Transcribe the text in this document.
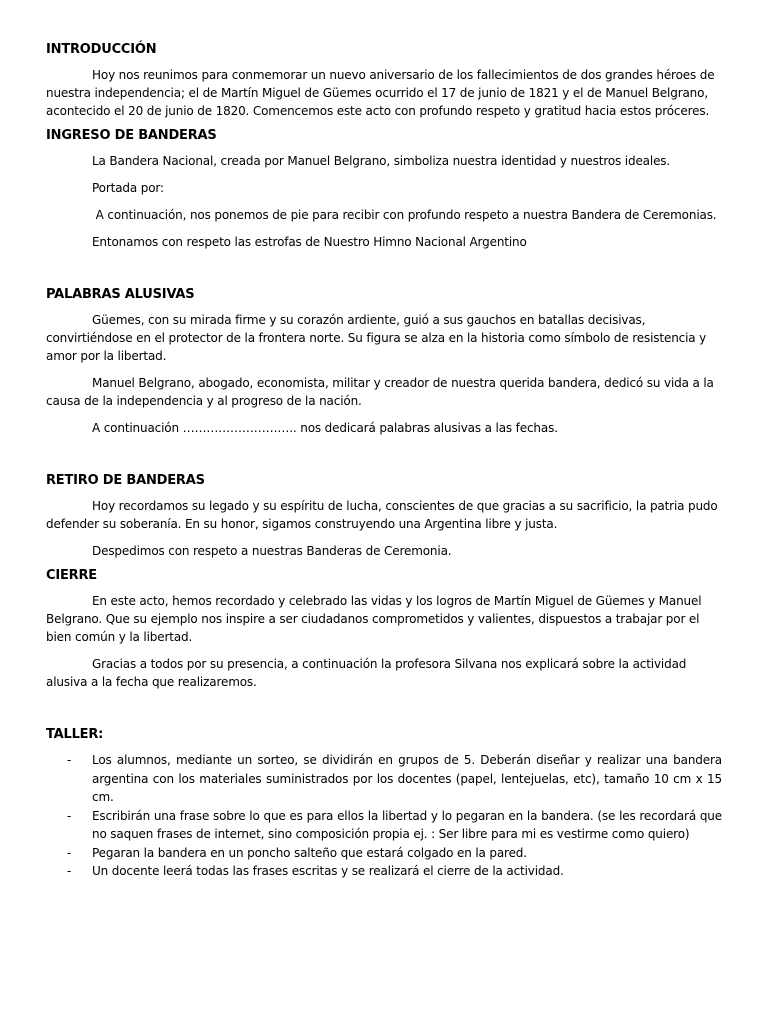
INTRODUCCIÓN

Hoy nos reunimos para conmemorar un nuevo aniversario de los fallecimientos de dos grandes héroes de nuestra independencia; el de Martín Miguel de Güemes ocurrido el 17 de junio de 1821 y el de Manuel Belgrano, acontecido el 20 de junio de 1820. Comencemos este acto con profundo respeto y gratitud hacia estos próceres.

INGRESO DE BANDERAS

La Bandera Nacional, creada por Manuel Belgrano, simboliza nuestra identidad y nuestros ideales.

Portada por:

A continuación, nos ponemos de pie para recibir con profundo respeto a nuestra Bandera de Ceremonias.

Entonamos con respeto las estrofas de Nuestro Himno Nacional Argentino

PALABRAS ALUSIVAS

Güemes, con su mirada firme y su corazón ardiente, guió a sus gauchos en batallas decisivas, convirtiéndose en el protector de la frontera norte. Su figura se alza en la historia como símbolo de resistencia y amor por la libertad.

Manuel Belgrano, abogado, economista, militar y creador de nuestra querida bandera, dedicó su vida a la causa de la independencia y al progreso de la nación.

A continuación ……………………….. nos dedicará palabras alusivas a las fechas.

RETIRO DE BANDERAS

Hoy recordamos su legado y su espíritu de lucha, conscientes de que gracias a su sacrificio, la patria pudo defender su soberanía. En su honor, sigamos construyendo una Argentina libre y justa.

Despedimos con respeto a nuestras Banderas de Ceremonia.

CIERRE

En este acto, hemos recordado y celebrado las vidas y los logros de Martín Miguel de Güemes y Manuel Belgrano. Que su ejemplo nos inspire a ser ciudadanos comprometidos y valientes, dispuestos a trabajar por el bien común y la libertad.

Gracias a todos por su presencia, a continuación la profesora Silvana nos explicará sobre la actividad alusiva a la fecha que realizaremos.

TALLER:
- Los alumnos, mediante un sorteo, se dividirán en grupos de 5. Deberán diseñar y realizar una bandera argentina con los materiales suministrados por los docentes (papel, lentejuelas, etc), tamaño 10 cm x 15 cm.
- Escribirán una frase sobre lo que es para ellos la libertad y lo pegaran en la bandera. (se les recordará que no saquen frases de internet, sino composición propia ej. : Ser libre para mi es vestirme como quiero)
- Pegaran la bandera en un poncho salteño que estará colgado en la pared.
- Un docente leerá todas las frases escritas y se realizará el cierre de la actividad.
